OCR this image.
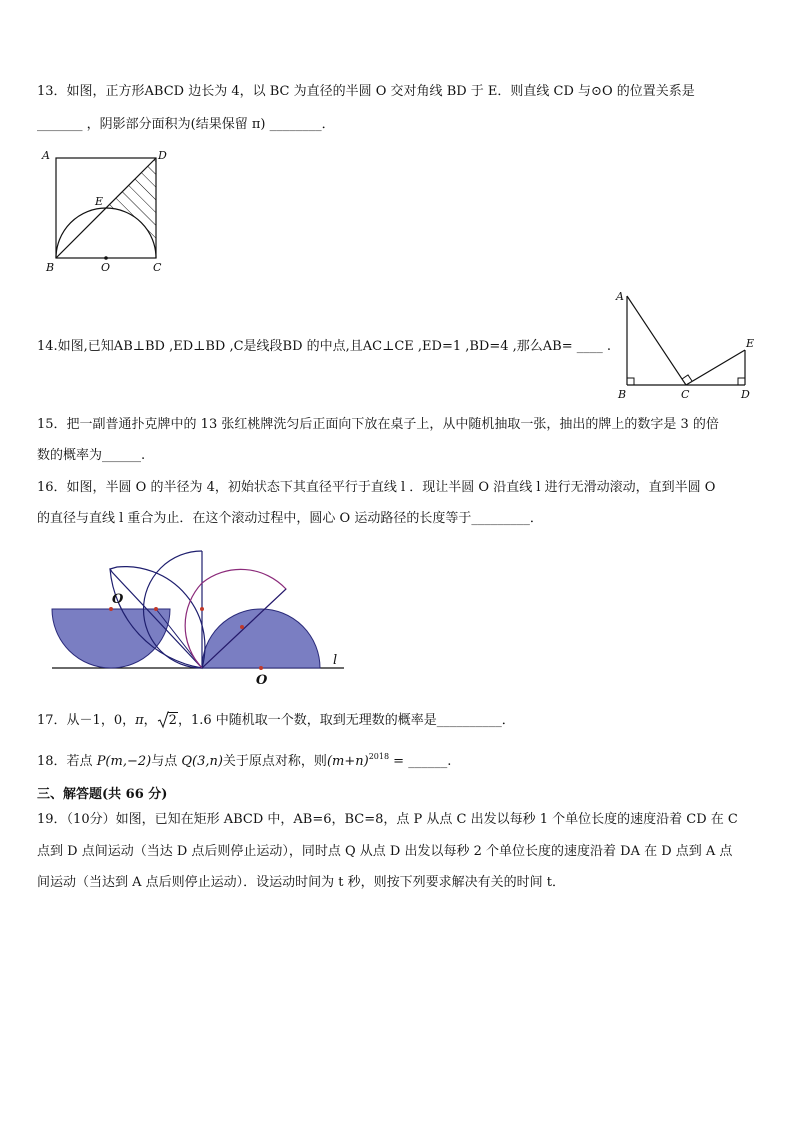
13．如图，正方形ABCD 边长为 4，以 BC 为直径的半圆 O 交对角线 BD 于 E．则直线 CD 与⊙O 的位置关系是
_______ ，阴影部分面积为(结果保留 π) ________．
A	D
E
B	O	C
14.如图,已知AB⊥BD ,ED⊥BD ,C是线段BD 的中点,且AC⊥CE ,ED=1 ,BD=4 ,那么AB= ____ .
A
B	C	D
E
15．把一副普通扑克牌中的 13 张红桃牌洗匀后正面向下放在桌子上，从中随机抽取一张，抽出的牌上的数字是 3 的倍
数的概率为______.
16．如图，半圆 O 的半径为 4，初始状态下其直径平行于直线 l ．现让半圆 O 沿直线 l 进行无滑动滚动，直到半圆 O
的直径与直线 l 重合为止．在这个滚动过程中，圆心 O 运动路径的长度等于_________．
O
O
l
17．从－1，0，π， 2，1.6 中随机取一个数，取到无理数的概率是__________．
18．若点 P(m,−2)与点 Q(3,n)关于原点对称，则$(m+n)^{2018}$ = ______.
三、解答题(共 66 分)
19．（10分）如图，已知在矩形 ABCD 中，AB=6，BC=8，点 P 从点 C 出发以每秒 1 个单位长度的速度沿着 CD 在 C
点到 D 点间运动（当达 D 点后则停止运动），同时点 Q 从点 D 出发以每秒 2 个单位长度的速度沿着 DA 在 D 点到 A 点
间运动（当达到 A 点后则停止运动）．设运动时间为 t 秒，则按下列要求解决有关的时间 t．
